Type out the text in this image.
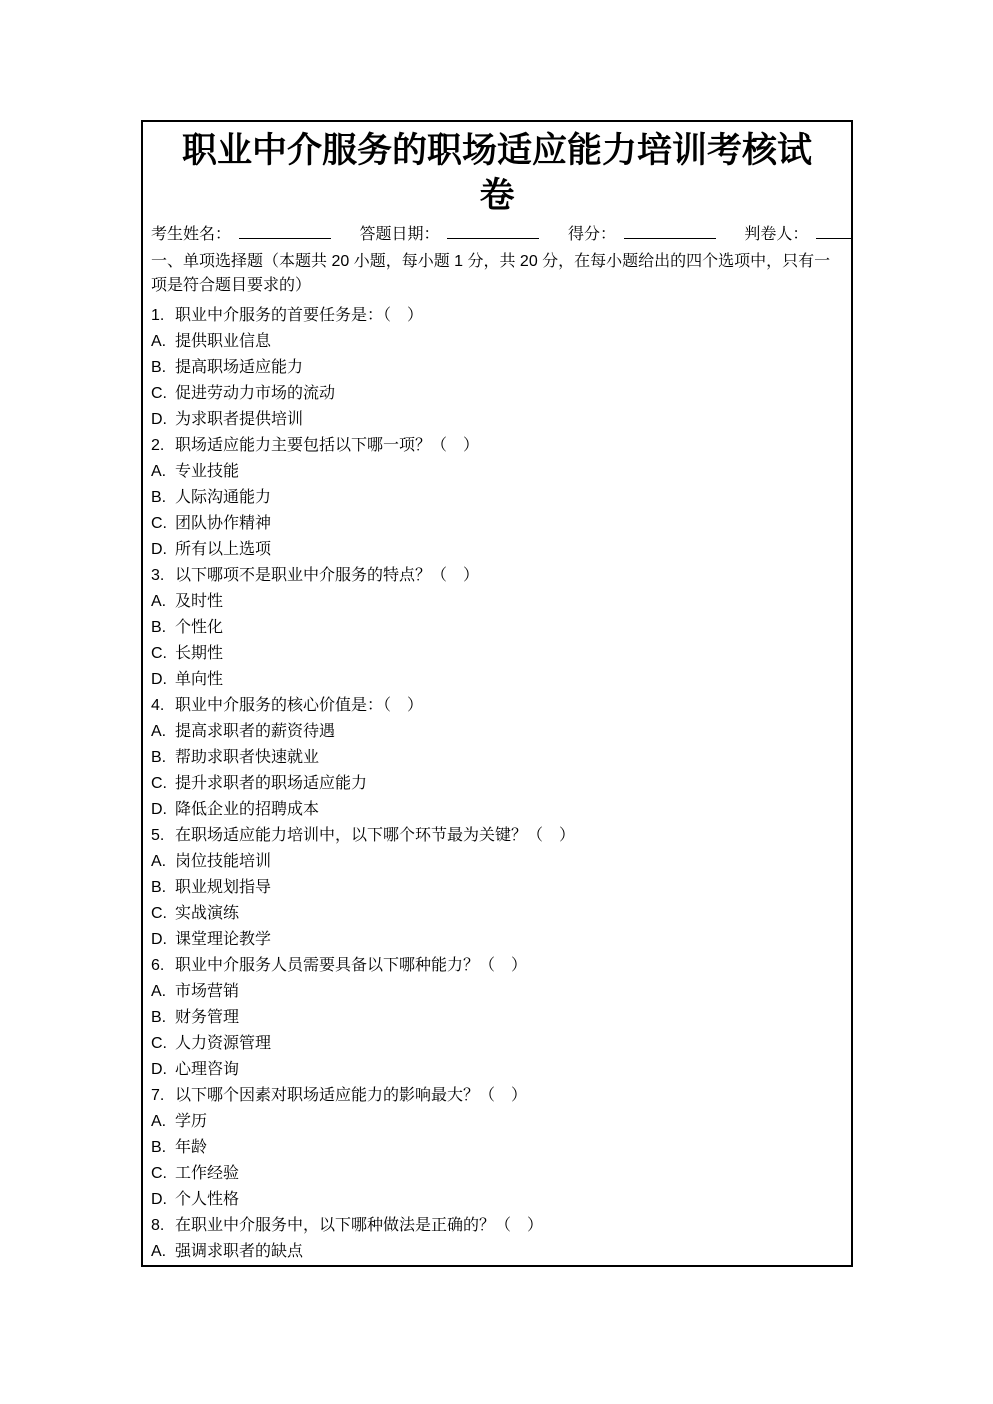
职业中介服务的职场适应能力培训考核试卷
考生姓名：	答题日期：	得分：	判卷人：

一、单项选择题（本题共 20 小题，每小题 1 分，共 20 分，在每小题给出的四个选项中，只有一项是符合题目要求的）

1. 职业中介服务的首要任务是：（　）
A. 提供职业信息
B. 提高职场适应能力
C. 促进劳动力市场的流动
D. 为求职者提供培训
2. 职场适应能力主要包括以下哪一项？（　）
A. 专业技能
B. 人际沟通能力
C. 团队协作精神
D. 所有以上选项
3. 以下哪项不是职业中介服务的特点？（　）
A. 及时性
B. 个性化
C. 长期性
D. 单向性
4. 职业中介服务的核心价值是：（　）
A. 提高求职者的薪资待遇
B. 帮助求职者快速就业
C. 提升求职者的职场适应能力
D. 降低企业的招聘成本
5. 在职场适应能力培训中，以下哪个环节最为关键？（　）
A. 岗位技能培训
B. 职业规划指导
C. 实战演练
D. 课堂理论教学
6. 职业中介服务人员需要具备以下哪种能力？（　）
A. 市场营销
B. 财务管理
C. 人力资源管理
D. 心理咨询
7. 以下哪个因素对职场适应能力的影响最大？（　）
A. 学历
B. 年龄
C. 工作经验
D. 个人性格
8. 在职业中介服务中，以下哪种做法是正确的？（　）
A. 强调求职者的缺点
